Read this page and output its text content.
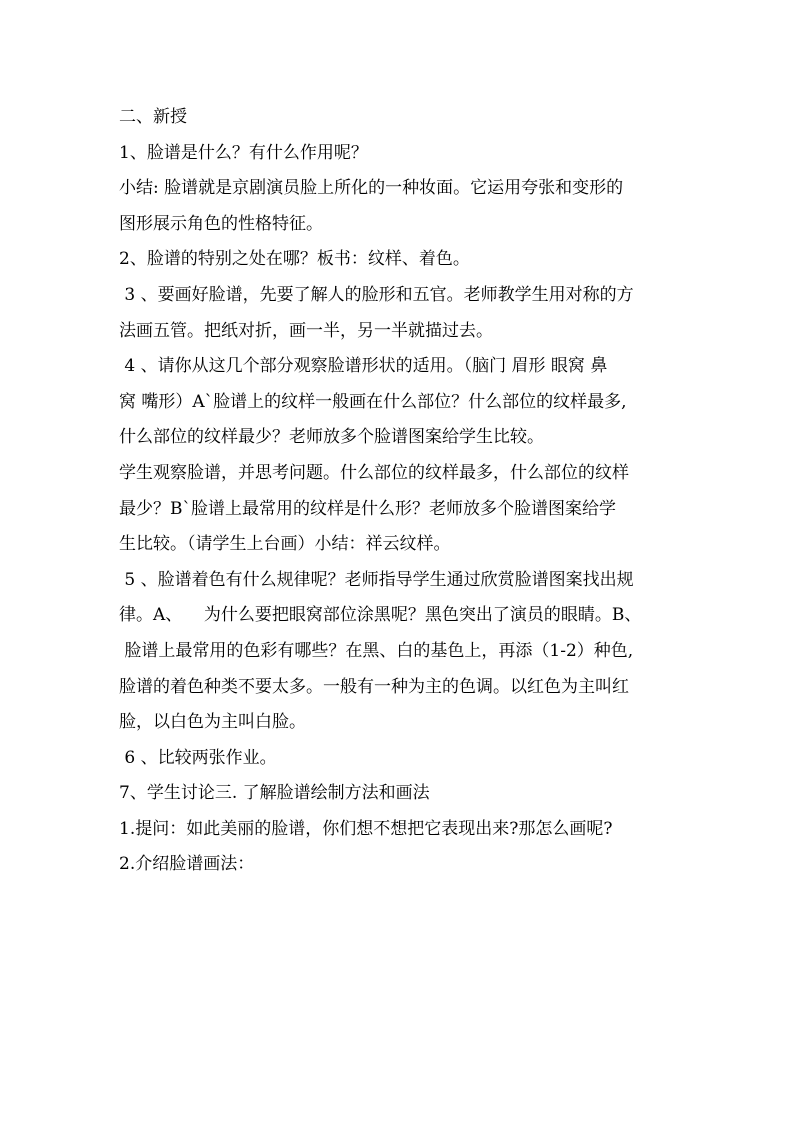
二、新授
1、脸谱是什么？有什么作用呢？
小结: 脸谱就是京剧演员脸上所化的一种妆面。它运用夸张和变形的
图形展示角色的性格特征。
2、脸谱的特别之处在哪？板书：纹样、着色。
3 、要画好脸谱，先要了解人的脸形和五官。老师教学生用对称的方
法画五管。把纸对折，画一半，另一半就描过去。
4 、请你从这几个部分观察脸谱形状的适用。（脑门 眉形 眼窝 鼻
窝 嘴形）A`脸谱上的纹样一般画在什么部位？什么部位的纹样最多,
什么部位的纹样最少？老师放多个脸谱图案给学生比较。
学生观察脸谱，并思考问题。什么部位的纹样最多，什么部位的纹样
最少？B`脸谱上最常用的纹样是什么形？老师放多个脸谱图案给学
生比较。（请学生上台画）小结：祥云纹样。
5 、脸谱着色有什么规律呢？老师指导学生通过欣赏脸谱图案找出规
律。A、    为什么要把眼窝部位涂黑呢？黑色突出了演员的眼睛。B、
脸谱上最常用的色彩有哪些？在黑、白的基色上，再添（1-2）种色,
脸谱的着色种类不要太多。一般有一种为主的色调。以红色为主叫红
脸，以白色为主叫白脸。
6 、比较两张作业。
7、学生讨论三. 了解脸谱绘制方法和画法
1.提问：如此美丽的脸谱，你们想不想把它表现出来?那怎么画呢?
2.介绍脸谱画法：
